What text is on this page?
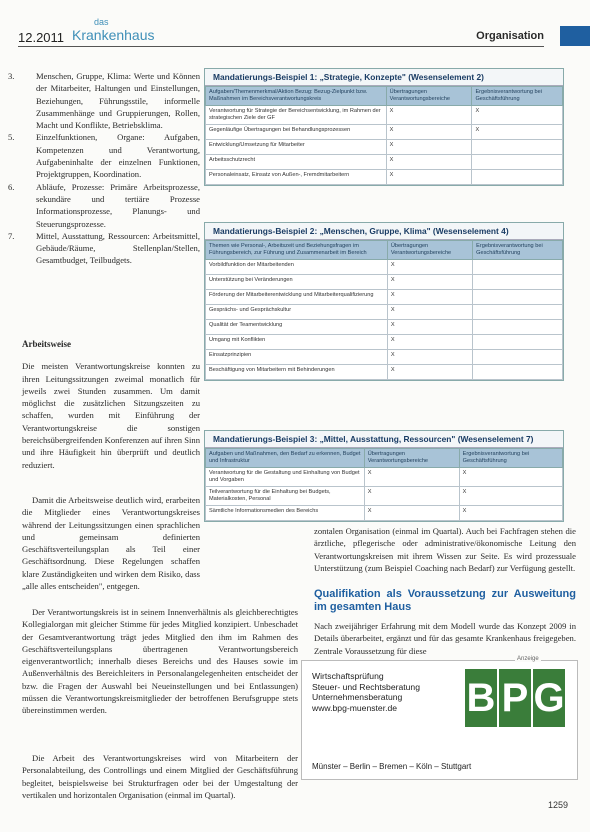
12.2011
das
Krankenhaus	Organisation

3.	Menschen, Gruppe, Klima: Werte und Können der Mitarbeiter, Haltungen und Einstellungen, Beziehungen, Führungsstile, informelle Zusammenhänge und Gruppierungen, Rollen, Macht und Konflikte, Betriebsklima.

5.	Einzelfunktionen, Organe: Aufgaben, Kompetenzen und Verantwortung, Aufgabeninhalte der einzelnen Funktionen, Projektgruppen, Koordination.

6.	Abläufe, Prozesse: Primäre Arbeitsprozesse, sekundäre und tertiäre Prozesse Informationsprozesse, Planungs- und Steuerungsprozesse.

7.	Mittel, Ausstattung, Ressourcen: Arbeitsmittel, Gebäude/Räume, Stellenplan/Stellen, Gesamtbudget, Teilbudgets.

Arbeitsweise

Die meisten Verantwortungskreise konnten zu ihren Leitungssitzungen zweimal monatlich für jeweils zwei Stunden zusammen. Um damit möglichst die zusätzlichen Sitzungszeiten zu schaffen, wurden mit Einführung der Verantwortungskreise die sonstigen bereichsübergreifenden Konferenzen auf ihren Sinn und ihre Häufigkeit hin überprüft und deutlich reduziert.

Damit die Arbeitsweise deutlich wird, erarbeiten die Mitglieder eines Verantwortungskreises während der Leitungssitzungen einen sprachlichen und gemeinsam definierten Geschäftsverteilungsplan als Teil einer Geschäftsordnung. Diese Regelungen schaffen klare Zuständigkeiten und wirken dem Risiko, dass „alle alles entscheiden", entgegen.

Der Verantwortungskreis ist in seinem Innenverhältnis als gleichberechtigtes Kollegialorgan mit gleicher Stimme für jedes Mitglied konzipiert. Unbeschadet der Gesamtverantwortung trägt jedes Mitglied den ihm im Rahmen des Geschäftsverteilungsplans übertragenen Verantwortungsbereich eigenverantwortlich; innerhalb dieses Bereichs und des Hauses sowie im Außenverhältnis des Bereichleiters in Personalangelegenheiten entscheidet der bzw. die Fragen der Auswahl bei Neueinstellungen und bei Entlassungen) müssen die Verantwortungskreismitglieder der betroffenen Berufsgruppe stets übereinstimmen werden.

Die Arbeit des Verantwortungskreises wird von Mitarbeitern der Personalabteilung, des Controllings und einem Mitglied der Geschäftsführung begleitet, beispielsweise bei Strukturfragen oder bei der Umgestaltung der vertikalen und horizontalen Organisation (einmal im Quartal).

zontalen Organisation (einmal im Quartal). Auch bei Fachfragen stehen die ärztliche, pflegerische oder administrative/ökonomische Leitung den Verantwortungskreisen mit ihrem Wissen zur Seite. Es wird prozessuale Unterstützung (zum Beispiel Coaching nach Bedarf) zur Verfügung gestellt.

Qualifikation als Voraussetzung zur Ausweitung im gesamten Haus

Nach zweijähriger Erfahrung mit dem Modell wurde das Konzept 2009 in Details überarbeitet, ergänzt und für das gesamte Krankenhaus freigegeben. Zentrale Voraussetzung für diese

Mandatierungs-Beispiel 1: „Strategie, Konzepte" (Wesenselement 2)
Aufgaben/Themenmerkmal/Aktion Bezug: Bezug-Zielpunkt bzw. Maßnahmen im Bereichsverantwortungskreis	Übertragungen Verantwortungsbereiche	Ergebnisverantwortung bei Geschäftsführung
Verantwortung für Strategie der Bereichsentwicklung, im Rahmen der strategischen Ziele der GF	X	X
Gegenläufige Übertragungen bei Behandlungsprozessen	X	X
Entwicklung/Umsetzung für Mitarbeiter	X	
Arbeitsschutzrecht	X	
Personaleinsatz, Einsatz von Außen-, Fremdmitarbeitern	X	
Mandatierungs-Beispiel 2: „Menschen, Gruppe, Klima" (Wesenselement 4)
Themen wie Personal-, Arbeitszeit und Beziehungsfragen im Führungsbereich, zur Führung und Zusammenarbeit im Bereich	Übertragungen Verantwortungsbereiche	Ergebnisverantwortung bei Geschäftsführung
Vorbildfunktion der Mitarbeitenden	X	
Unterstützung bei Veränderungen	X	
Förderung der Mitarbeiterentwicklung und Mitarbeiterqualifizierung	X	
Gesprächs- und Gesprächskultur	X	
Qualität der Teamentwicklung	X	
Umgang mit Konflikten	X	
Einsatzprinzipien	X	
Beschäftigung von Mitarbeitern mit Behinderungen	X	
Mandatierungs-Beispiel 3: „Mittel, Ausstattung, Ressourcen" (Wesenselement 7)
Aufgaben und Maßnahmen, den Bedarf zu erkennen, Budget und Infrastruktur	Übertragungen Verantwortungsbereiche	Ergebnisverantwortung bei Geschäftsführung
Verantwortung für die Gestaltung und Einhaltung von Budget und Vorgaben	X	X
Teilverantwortung für die Einhaltung bei Budgets, Materialkosten, Personal	X	X
Sämtliche Informationsmedien des Bereichs	X	X
Wirtschaftsprüfung
Steuer- und Rechtsberatung
Unternehmensberatung
www.bpg-muenster.de	B P G
Münster – Berlin – Bremen – Köln – Stuttgart
Anzeige
1259
